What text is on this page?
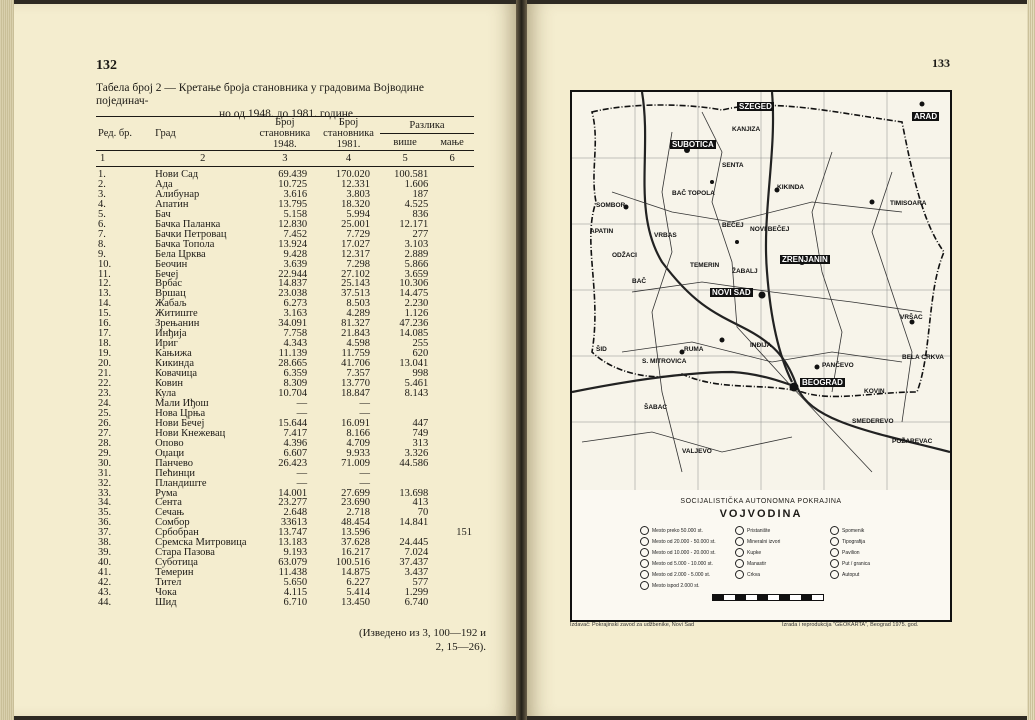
132
Табела број 2 — Кретање броја становника у градовима Војводине појединач-
но од 1948. до 1981. године
Ред. бр.	Град	Број становника 1948.	Број становника 1981.	Разлика	
				више	мање
1	2	3	4	5	6
1.	Нови Сад	69.439	170.020	100.581	
2.	Ада	10.725	12.331	1.606	
3.	Алибунар	3.616	3.803	187	
4.	Апатин	13.795	18.320	4.525	
5.	Бач	5.158	5.994	836	
6.	Бачка Паланка	12.830	25.001	12.171	
7.	Бачки Петровац	7.452	7.729	277	
8.	Бачка Топола	13.924	17.027	3.103	
9.	Бела Црква	9.428	12.317	2.889	
10.	Беочин	3.639	7.298	5.866	
11.	Бечеј	22.944	27.102	3.659	
12.	Врбас	14.837	25.143	10.306	
13.	Вршац	23.038	37.513	14.475	
14.	Жабаљ	6.273	8.503	2.230	
15.	Житиште	3.163	4.289	1.126	
16.	Зрењанин	34.091	81.327	47.236	
17.	Инђија	7.758	21.843	14.085	
18.	Ириг	4.343	4.598	255	
19.	Кањижа	11.139	11.759	620	
20.	Кикинда	28.665	41.706	13.041	
21.	Ковачица	6.359	7.357	998	
22.	Ковин	8.309	13.770	5.461	
23.	Кула	10.704	18.847	8.143	
24.	Мали Иђош	—	—		
25.	Нова Црња	—	—		
26.	Нови Бечеј	15.644	16.091	447	
27.	Нови Кнежевац	7.417	8.166	749	
28.	Опово	4.396	4.709	313	
29.	Оџаци	6.607	9.933	3.326	
30.	Панчево	26.423	71.009	44.586	
31.	Пећинци	—	—		
32.	Пландиште	—	—		
33.	Рума	14.001	27.699	13.698	
34.	Сента	23.277	23.690	413	
35.	Сечањ	2.648	2.718	70	
36.	Сомбор	33613	48.454	14.841	
37.	Србобран	13.747	13.596		151
38.	Сремска Митровица	13.183	37.628	24.445	
39.	Стара Пазова	9.193	16.217	7.024	
40.	Суботица	63.079	100.516	37.437	
41.	Темерин	11.438	14.875	3.437	
42.	Тител	5.650	6.227	577	
43.	Чока	4.115	5.414	1.299	
44.	Шид	6.710	13.450	6.740	
(Изведено из 3, 100—192 и
2, 15—26).
133
SZEGED
ARAD
SUBOTICA
TIMISOARA
NOVI SAD
ZRENJANIN
BEOGRAD
SOMBOR
KIKINDA
SENTA
KANJIZA
BAČ TOPOLA
VRBAS
NOVI BEČEJ
BEČEJ
TEMERIN
ŽABALJ
VRŠAC
PANČEVO
RUMA
S. MITROVICA
ŠABAC
BELA CRKVA
VALJEVO
SMEDEREVO
POŽAREVAC
KOVIN
INĐIJA
ODŽACI
APATIN
BAČ
ŠID
SOCIJALISTIČKA AUTONOMNA POKRAJINA
VOJVODINA
Mesto preko 50.000 st.
Mesto od 20.000 - 50.000 st.
Mesto od 10.000 - 20.000 st.
Mesto od 5.000 - 10.000 st.
Mesto od 2.000 - 5.000 st.
Mesto ispod 2.000 st.
Pristanište
Mineralni izvori
Kupke
Manastir
Crkva
Spomenik
Tipografija
Pavilion
Put / granica
Autoput
Izdavač: Pokrajinski zavod za udžbenike, Novi Sad	Izrada i reprodukcija "GEOKARTA", Beograd 1975. god.
